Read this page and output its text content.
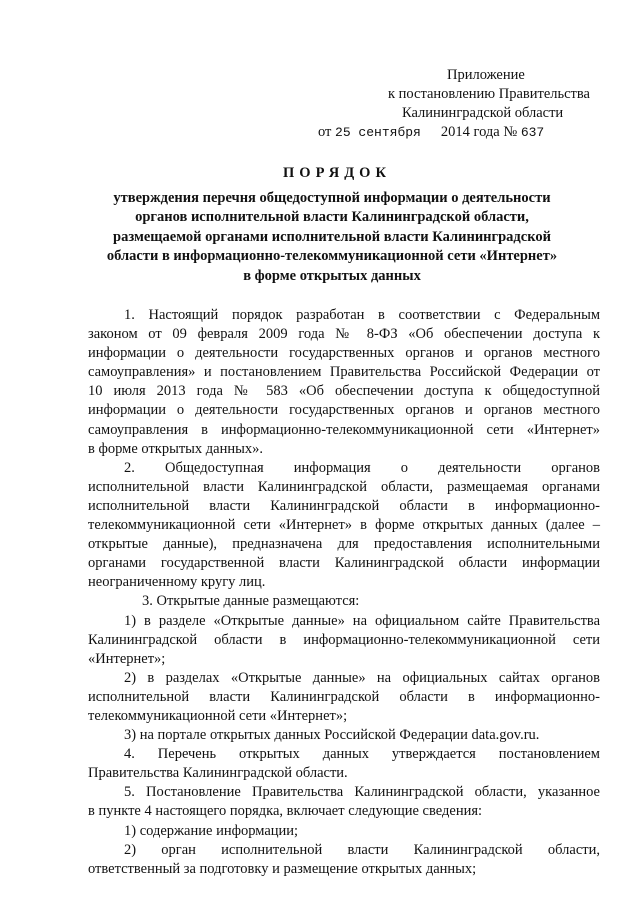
Приложение
к постановлению Правительства
Калининградской области
от 25 сентября 2014 года № 637
ПОРЯДОК
утверждения перечня общедоступной информации о деятельности
органов исполнительной власти Калининградской области,
размещаемой органами исполнительной власти Калининградской
области в информационно-телекоммуникационной сети «Интернет»
в форме открытых данных
1. Настоящий порядок разработан в соответствии с Федеральным
законом от 09 февраля 2009 года № 8-ФЗ «Об обеспечении доступа к
информации о деятельности государственных органов и органов местного
самоуправления» и постановлением Правительства Российской Федерации от
10 июля 2013 года № 583 «Об обеспечении доступа к общедоступной
информации о деятельности государственных органов и органов местного
самоуправления в информационно-телекоммуникационной сети «Интернет»
в форме открытых данных».
2. Общедоступная информация о деятельности органов
исполнительной власти Калининградской области, размещаемая органами
исполнительной власти Калининградской области в информационно-
телекоммуникационной сети «Интернет» в форме открытых данных (далее –
открытые данные), предназначена для предоставления исполнительными
органами государственной власти Калининградской области информации
неограниченному кругу лиц.
3. Открытые данные размещаются:
1) в разделе «Открытые данные» на официальном сайте Правительства
Калининградской области в информационно-телекоммуникационной сети
«Интернет»;
2) в разделах «Открытые данные» на официальных сайтах органов
исполнительной власти Калининградской области в информационно-
телекоммуникационной сети «Интернет»;
3) на портале открытых данных Российской Федерации data.gov.ru.
4. Перечень открытых данных утверждается постановлением
Правительства Калининградской области.
5. Постановление Правительства Калининградской области, указанное
в пункте 4 настоящего порядка, включает следующие сведения:
1) содержание информации;
2) орган исполнительной власти Калининградской области,
ответственный за подготовку и размещение открытых данных;
